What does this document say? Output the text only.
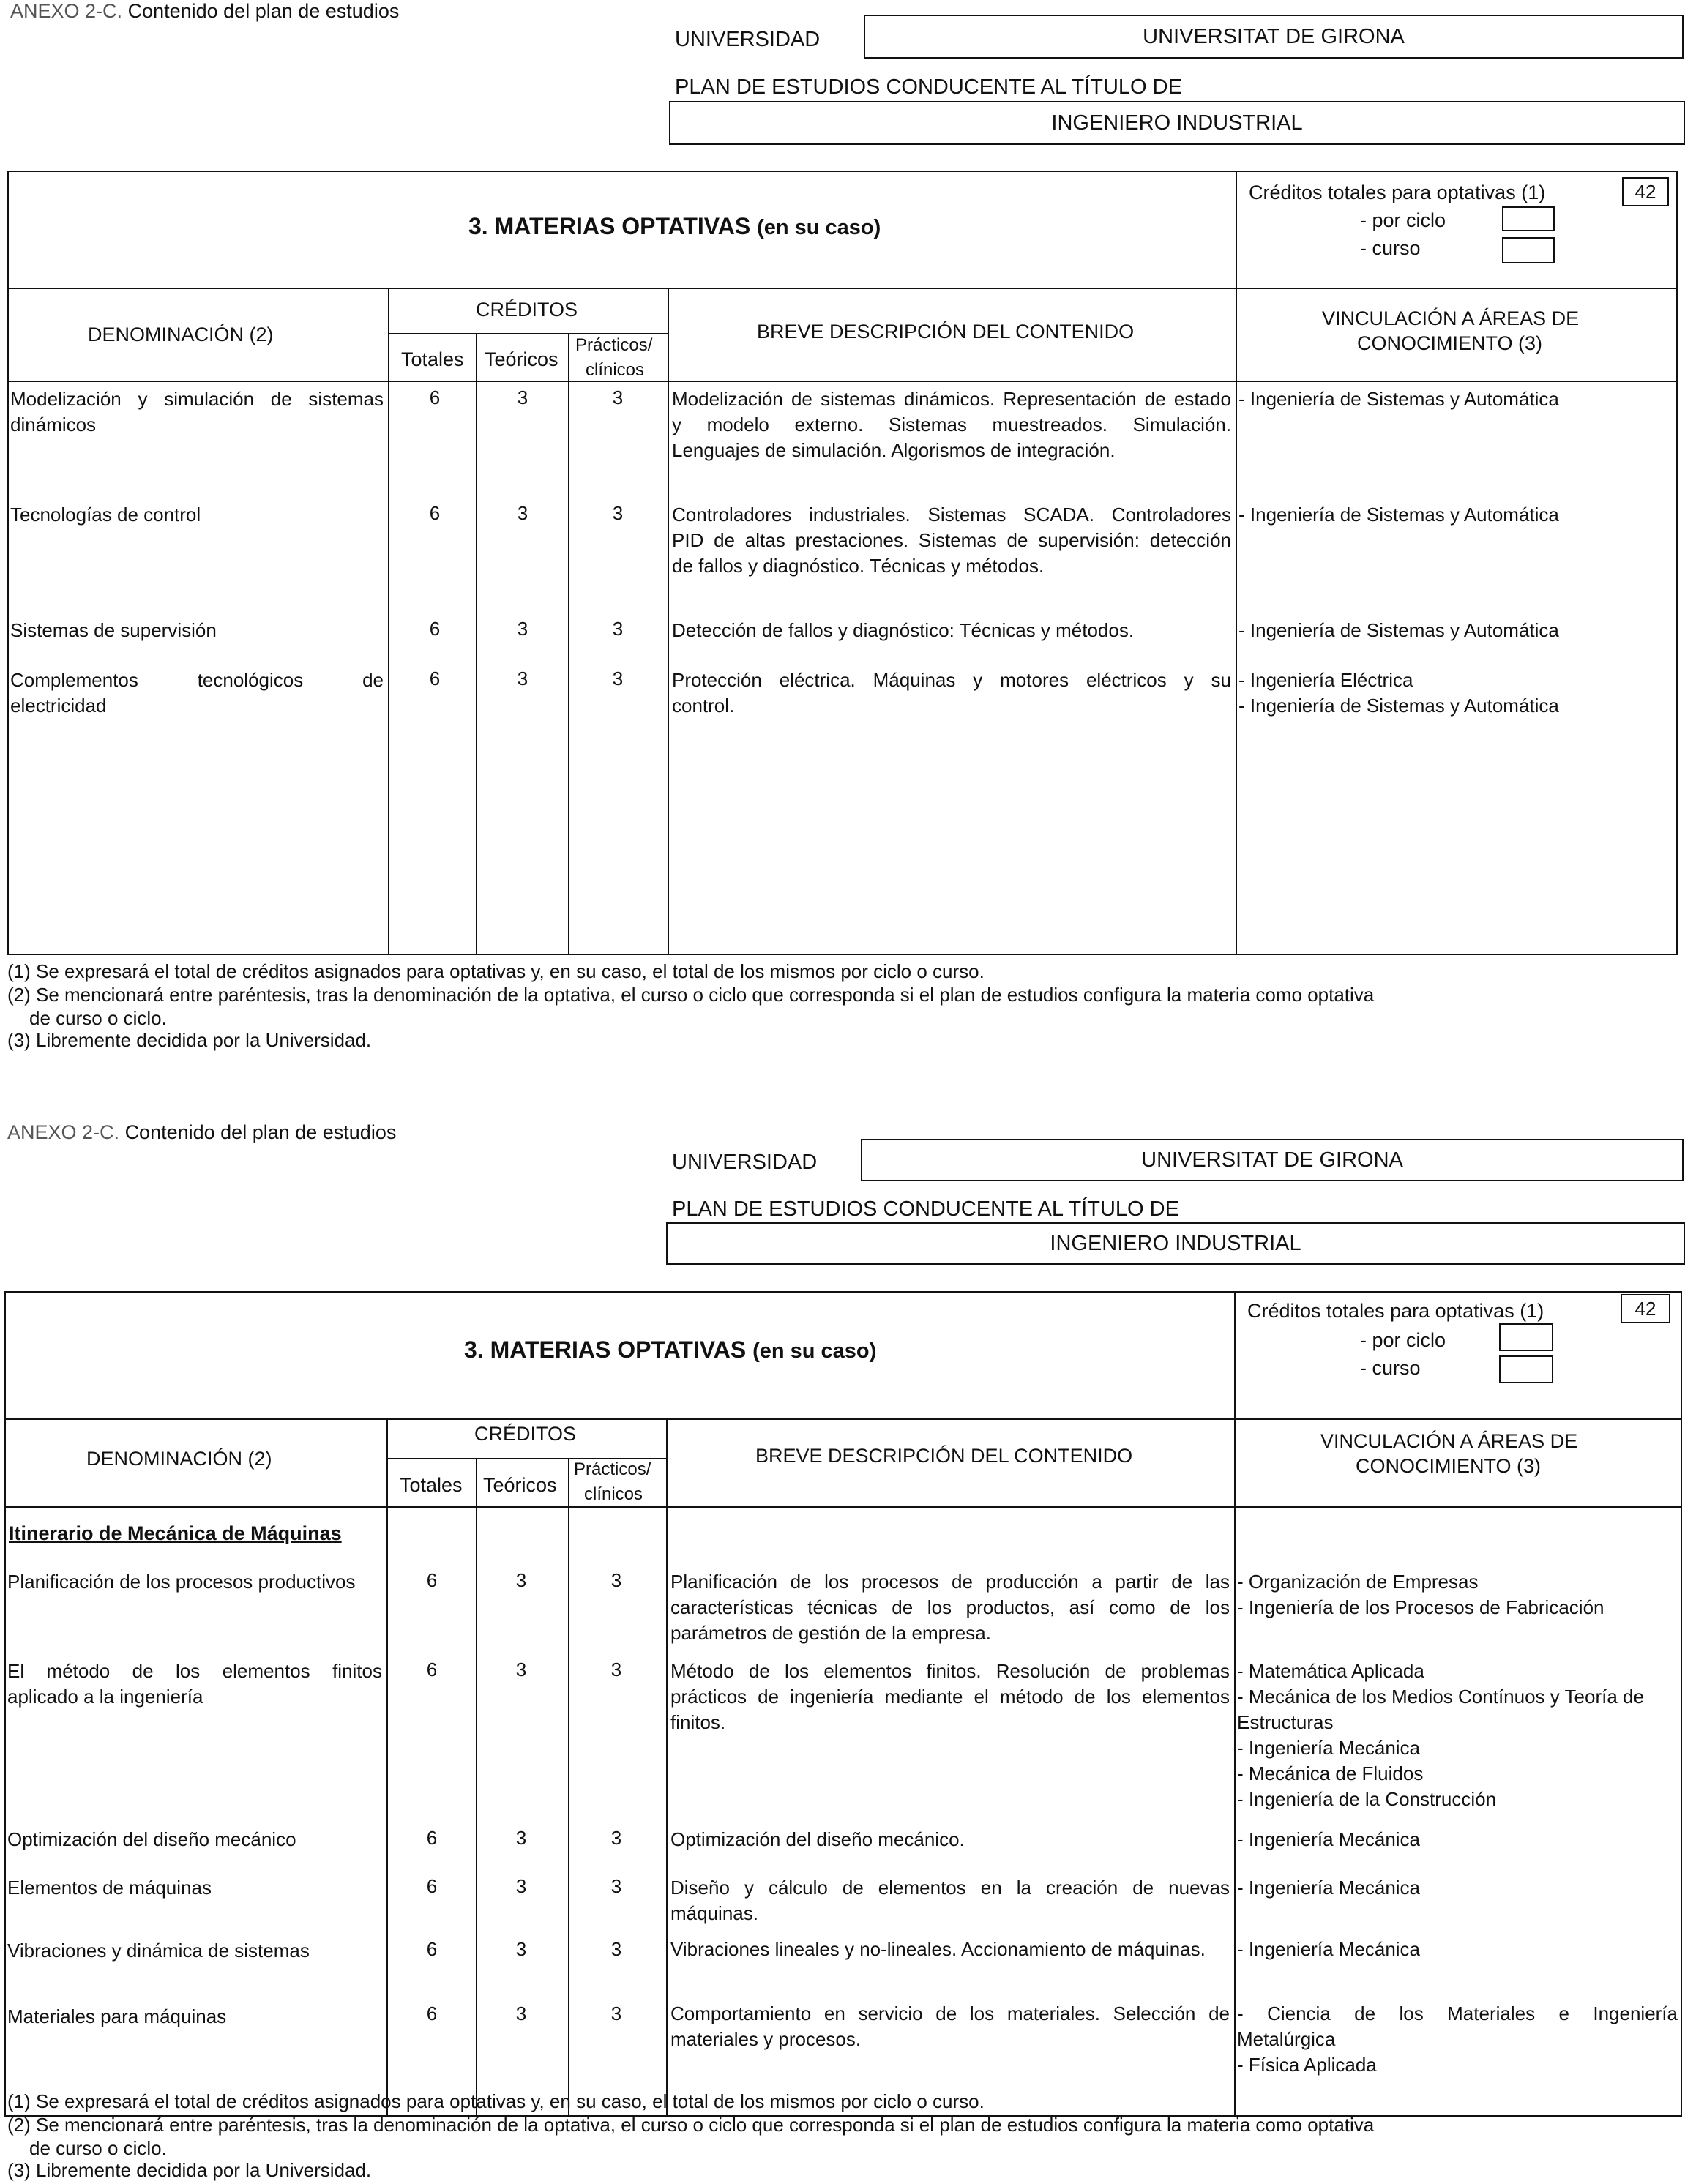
ANEXO 2-C. Contenido del plan de estudios
UNIVERSIDAD	UNIVERSITAT DE GIRONA
PLAN DE ESTUDIOS CONDUCENTE AL TÍTULO DE
INGENIERO INDUSTRIAL
3. MATERIAS OPTATIVAS (en su caso)
Créditos totales para optativas (1)	42
- por ciclo
- curso
DENOMINACIÓN (2)
CRÉDITOS
Totales Teóricos
Prácticos/
clínicos
BREVE DESCRIPCIÓN DEL CONTENIDO
VINCULACIÓN A ÁREAS DE
CONOCIMIENTO (3)
Modelización y simulación de sistemas
dinámicos
6	3	3	Modelización de sistemas dinámicos. Representación de estado
y modelo externo. Sistemas muestreados. Simulación.
Lenguajes de simulación. Algorismos de integración.
- Ingeniería de Sistemas y Automática
Tecnologías de control	6	3	3	Controladores industriales. Sistemas SCADA. Controladores
PID de altas prestaciones. Sistemas de supervisión: detección
de fallos y diagnóstico. Técnicas y métodos.
- Ingeniería de Sistemas y Automática
Sistemas de supervisión	6	3	3	Detección de fallos y diagnóstico: Técnicas y métodos.	- Ingeniería de Sistemas y Automática
Complementos tecnológicos de
electricidad
6	3	3	Protección eléctrica. Máquinas y motores eléctricos y su
control.
- Ingeniería Eléctrica
- Ingeniería de Sistemas y Automática
(1) Se expresará el total de créditos asignados para optativas y, en su caso, el total de los mismos por ciclo o curso.
(2) Se mencionará entre paréntesis, tras la denominación de la optativa, el curso o ciclo que corresponda si el plan de estudios configura la materia como optativa
de curso o ciclo.
(3) Libremente decidida por la Universidad.
ANEXO 2-C. Contenido del plan de estudios
UNIVERSIDAD	UNIVERSITAT DE GIRONA
PLAN DE ESTUDIOS CONDUCENTE AL TÍTULO DE
INGENIERO INDUSTRIAL
3. MATERIAS OPTATIVAS (en su caso)
Créditos totales para optativas (1)	42
- por ciclo
- curso
DENOMINACIÓN (2)
CRÉDITOS
Totales Teóricos
Prácticos/
clínicos
BREVE DESCRIPCIÓN DEL CONTENIDO
VINCULACIÓN A ÁREAS DE
CONOCIMIENTO (3)
Itinerario de Mecánica de Máquinas
Planificación de los procesos productivos	6	3	3	Planificación de los procesos de producción a partir de las
características técnicas de los productos, así como de los
parámetros de gestión de la empresa.
- Organización de Empresas
- Ingeniería de los Procesos de Fabricación
El método de los elementos finitos
aplicado a la ingeniería
6	3	3	Método de los elementos finitos. Resolución de problemas
prácticos de ingeniería mediante el método de los elementos
finitos.
- Matemática Aplicada
- Mecánica de los Medios Contínuos y Teoría de
Estructuras
- Ingeniería Mecánica
- Mecánica de Fluidos
- Ingeniería de la Construcción
Optimización del diseño mecánico	6	3	3	Optimización del diseño mecánico.	- Ingeniería Mecánica
Elementos de máquinas	6	3	3	Diseño y cálculo de elementos en la creación de nuevas
máquinas.
- Ingeniería Mecánica
Vibraciones y dinámica de sistemas	6	3	3	Vibraciones lineales y no-lineales. Accionamiento de máquinas.	- Ingeniería Mecánica
Materiales para máquinas	6	3	3	Comportamiento en servicio de los materiales. Selección de
materiales y procesos.
- Ciencia de los Materiales e Ingeniería
Metalúrgica
- Física Aplicada
(1) Se expresará el total de créditos asignados para optativas y, en su caso, el total de los mismos por ciclo o curso.
(2) Se mencionará entre paréntesis, tras la denominación de la optativa, el curso o ciclo que corresponda si el plan de estudios configura la materia como optativa
de curso o ciclo.
(3) Libremente decidida por la Universidad.
